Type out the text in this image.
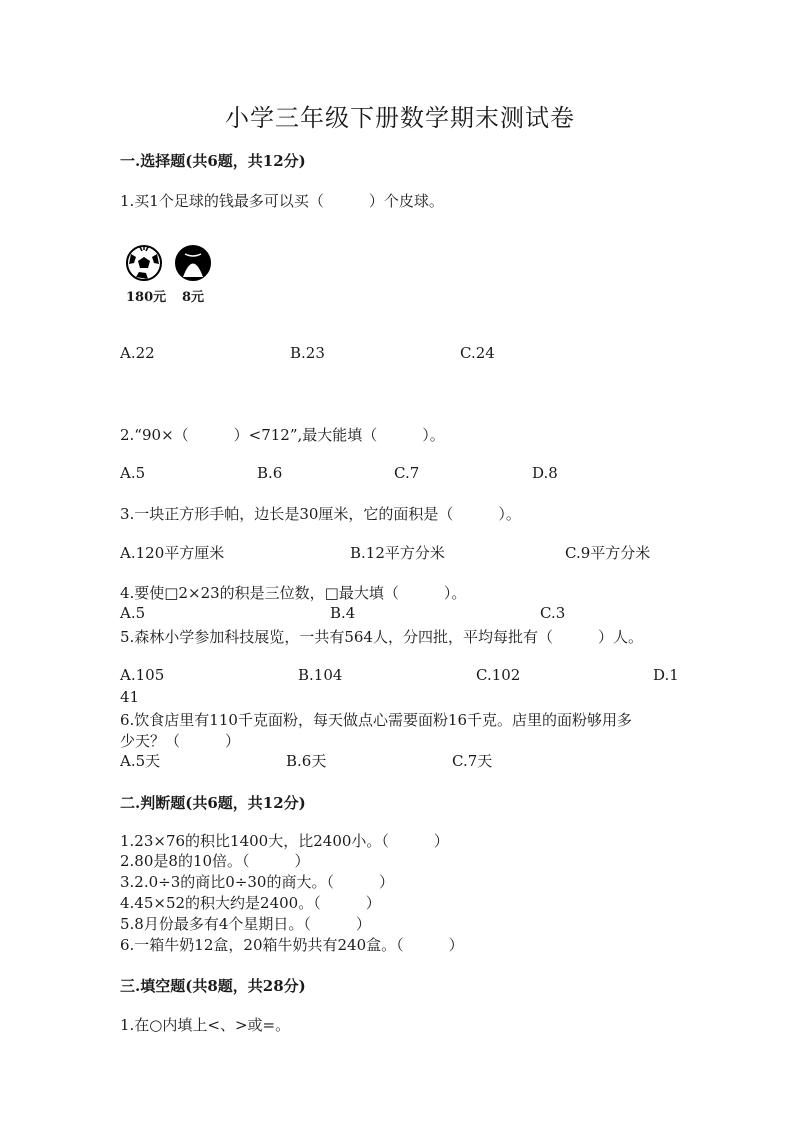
小学三年级下册数学期末测试卷
一.选择题(共6题，共12分)
1.买1个足球的钱最多可以买（　　　）个皮球。
180元 8元
A.22	B.23	C.24
2.“90×（　　　）<712”,最大能填（　　　）。
A.5	B.6	C.7	D.8
3.一块正方形手帕，边长是30厘米，它的面积是（　　　）。
A.120平方厘米	B.12平方分米	C.9平方分米
4.要使□2×23的积是三位数，□最大填（　　　）。
A.5	B.4	C.3
5.森林小学参加科技展览，一共有564人，分四批，平均每批有（　　　）人。
A.105	B.104	C.102	D.1
41
6.饮食店里有110千克面粉，每天做点心需要面粉16千克。店里的面粉够用多
少天？（　　　）
A.5天	B.6天	C.7天
二.判断题(共6题，共12分)
1.23×76的积比1400大，比2400小。（　　　）
2.80是8的10倍。（　　　）
3.2.0÷3的商比0÷30的商大。（　　　）
4.45×52的积大约是2400。（　　　）
5.8月份最多有4个星期日。（　　　）
6.一箱牛奶12盒，20箱牛奶共有240盒。（　　　）
三.填空题(共8题，共28分)
1.在○内填上<、>或=。
